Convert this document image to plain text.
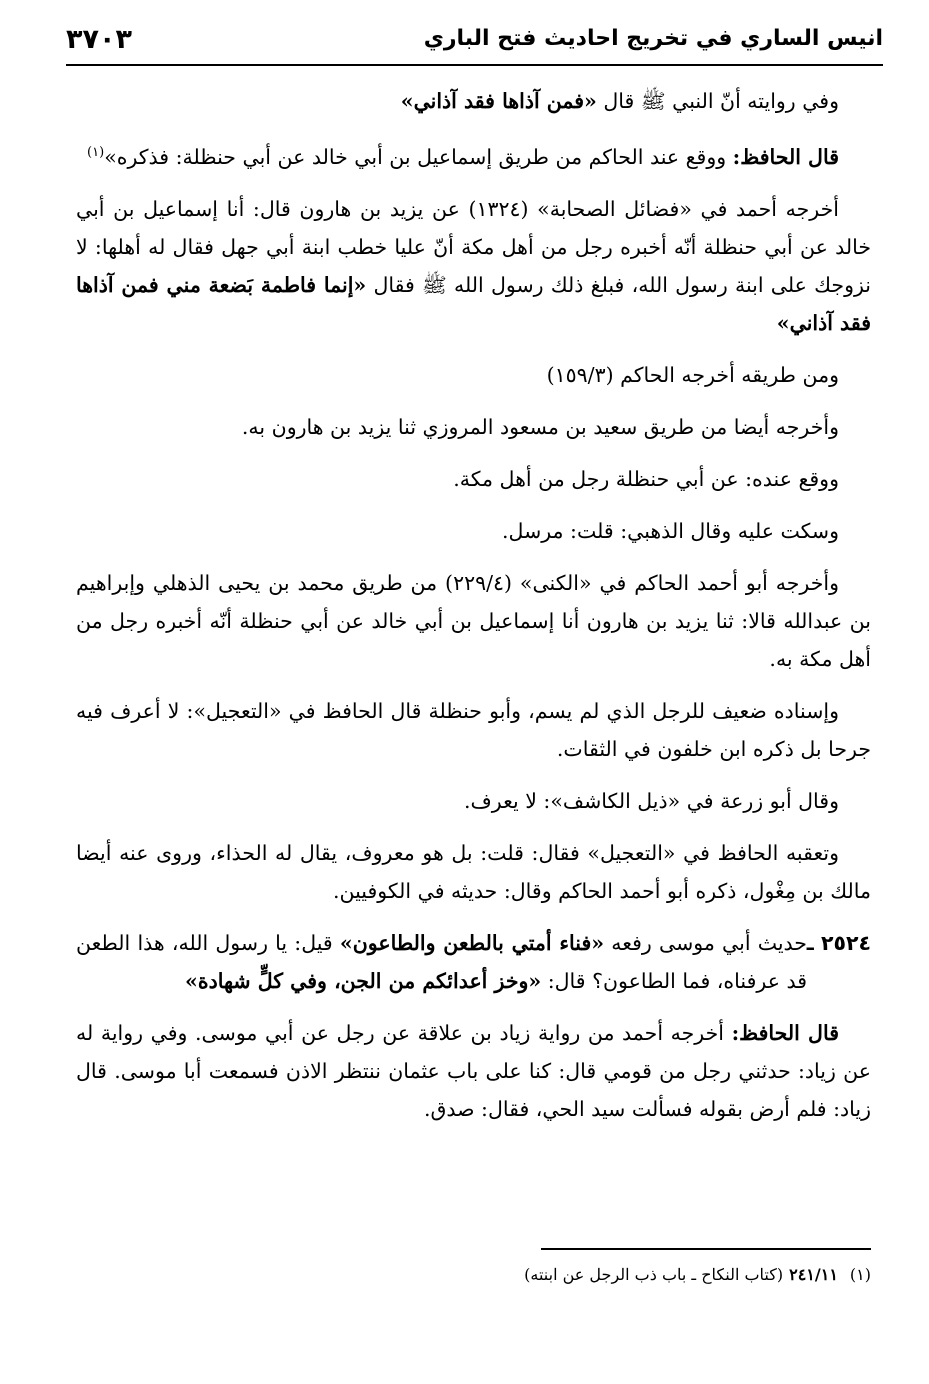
انيس الساري في تخريج احاديث فتح الباري
٣٧٠٣

وفي روايته أنّ النبي ﷺ قال «فمن آذاها فقد آذاني»

قال الحافظ: ووقع عند الحاكم من طريق إسماعيل بن أبي خالد عن أبي حنظلة: فذكره»$^{(١)}$

أخرجه أحمد في «فضائل الصحابة» (١٣٢٤) عن يزيد بن هارون قال: أنا إسماعيل بن أبي خالد عن أبي حنظلة أنّه أخبره رجل من أهل مكة أنّ عليا خطب ابنة أبي جهل فقال له أهلها: لا نزوجك على ابنة رسول الله، فبلغ ذلك رسول الله ﷺ فقال «إنما فاطمة بَضعة مني فمن آذاها فقد آذاني»

ومن طريقه أخرجه الحاكم (١٥٩/٣)

وأخرجه أيضا من طريق سعيد بن مسعود المروزي ثنا يزيد بن هارون به.

ووقع عنده: عن أبي حنظلة رجل من أهل مكة.

وسكت عليه وقال الذهبي: قلت: مرسل.

وأخرجه أبو أحمد الحاكم في «الكنى» (٢٢٩/٤) من طريق محمد بن يحيى الذهلي وإبراهيم بن عبدالله قالا: ثنا يزيد بن هارون أنا إسماعيل بن أبي خالد عن أبي حنظلة أنّه أخبره رجل من أهل مكة به.

وإسناده ضعيف للرجل الذي لم يسم، وأبو حنظلة قال الحافظ في «التعجيل»: لا أعرف فيه جرحا بل ذكره ابن خلفون في الثقات.

وقال أبو زرعة في «ذيل الكاشف»: لا يعرف.

وتعقبه الحافظ في «التعجيل» فقال: قلت: بل هو معروف، يقال له الحذاء، وروى عنه أيضا مالك بن مِغْول، ذكره أبو أحمد الحاكم وقال: حديثه في الكوفيين.

٢٥٢٤ ـ
حديث أبي موسى رفعه «فناء أمتي بالطعن والطاعون» قيل: يا رسول الله، هذا الطعن قد عرفناه، فما الطاعون؟ قال: «وخز أعدائكم من الجن، وفي كلٍّ شهادة»

قال الحافظ: أخرجه أحمد من رواية زياد بن علاقة عن رجل عن أبي موسى. وفي رواية له عن زياد: حدثني رجل من قومي قال: كنا على باب عثمان ننتظر الاذن فسمعت أبا موسى. قال زياد: فلم أرض بقوله فسألت سيد الحي، فقال: صدق.

(١)٢٤١/١١(كتاب النكاح ـ باب ذب الرجل عن ابنته)
